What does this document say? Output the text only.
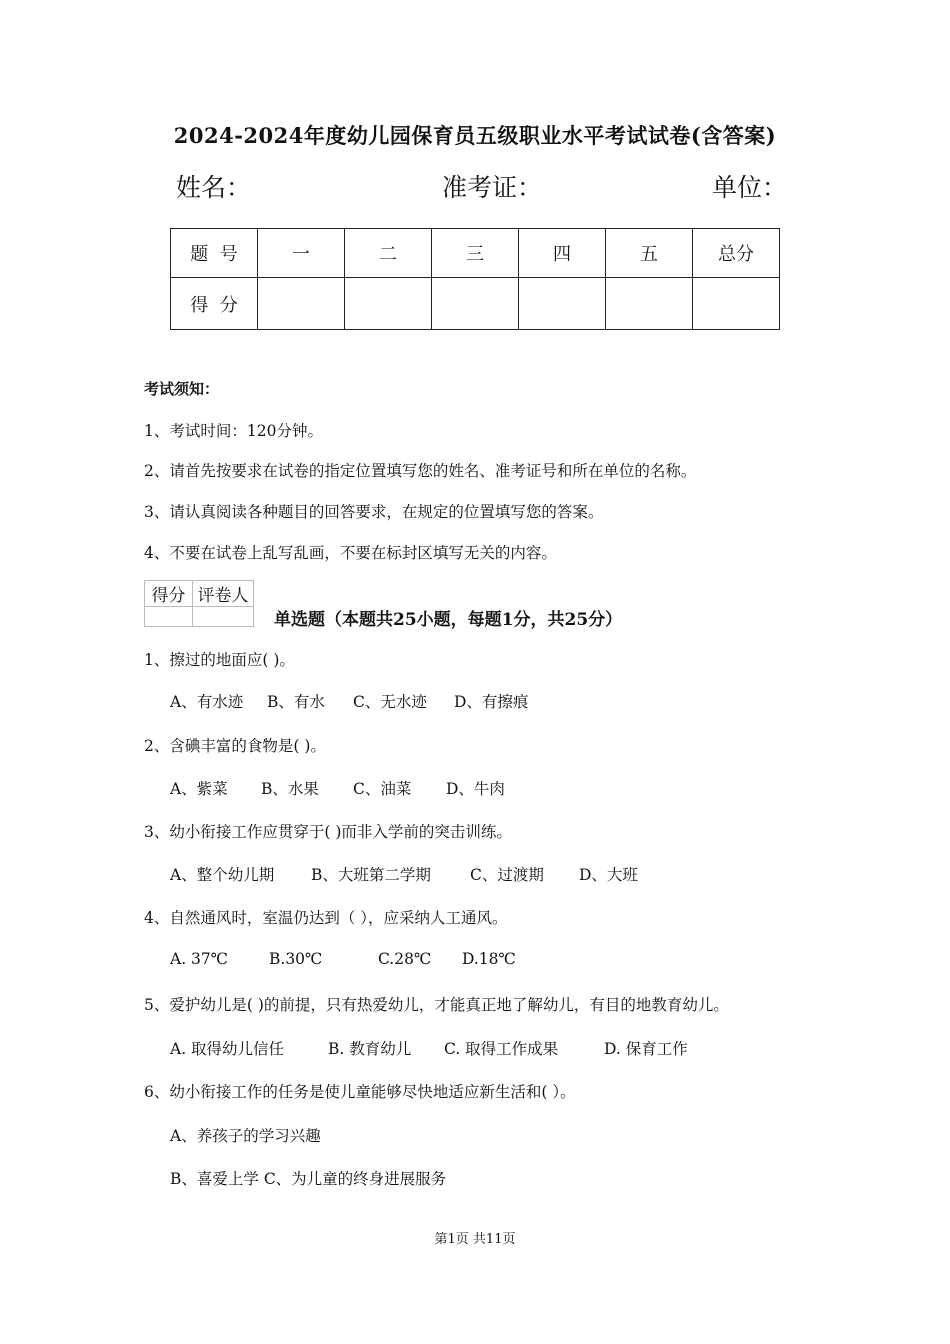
2024-2024年度幼儿园保育员五级职业水平考试试卷(含答案)
姓名：	准考证：	单位：
题  号	一	二	三	四	五	总分
得  分						
考试须知：
1、考试时间：120分钟。
2、请首先按要求在试卷的指定位置填写您的姓名、准考证号和所在单位的名称。
3、请认真阅读各种题目的回答要求，在规定的位置填写您的答案。
4、不要在试卷上乱写乱画，不要在标封区填写无关的内容。
得分	评卷人

单选题（本题共25小题，每题1分，共25分）
1、擦过的地面应( )。
A、有水迹 B、有水 C、无水迹 D、有擦痕
2、含碘丰富的食物是( )。
A、紫菜 B、水果 C、油菜 D、牛肉
3、幼小衔接工作应贯穿于( )而非入学前的突击训练。
A、整个幼儿期 B、大班第二学期	C、过渡期 D、大班
4、自然通风时，室温仍达到（ ），应采纳人工通风。
A. 37℃	B.30℃	C.28℃ D.18℃
5、爱护幼儿是( )的前提，只有热爱幼儿，才能真正地了解幼儿，有目的地教育幼儿。
A. 取得幼儿信任	B. 教育幼儿 C. 取得工作成果	D. 保育工作
6、幼小衔接工作的任务是使儿童能够尽快地适应新生活和( ）。
A、养孩子的学习兴趣
B、喜爱上学 C、为儿童的终身进展服务
第1页 共11页
